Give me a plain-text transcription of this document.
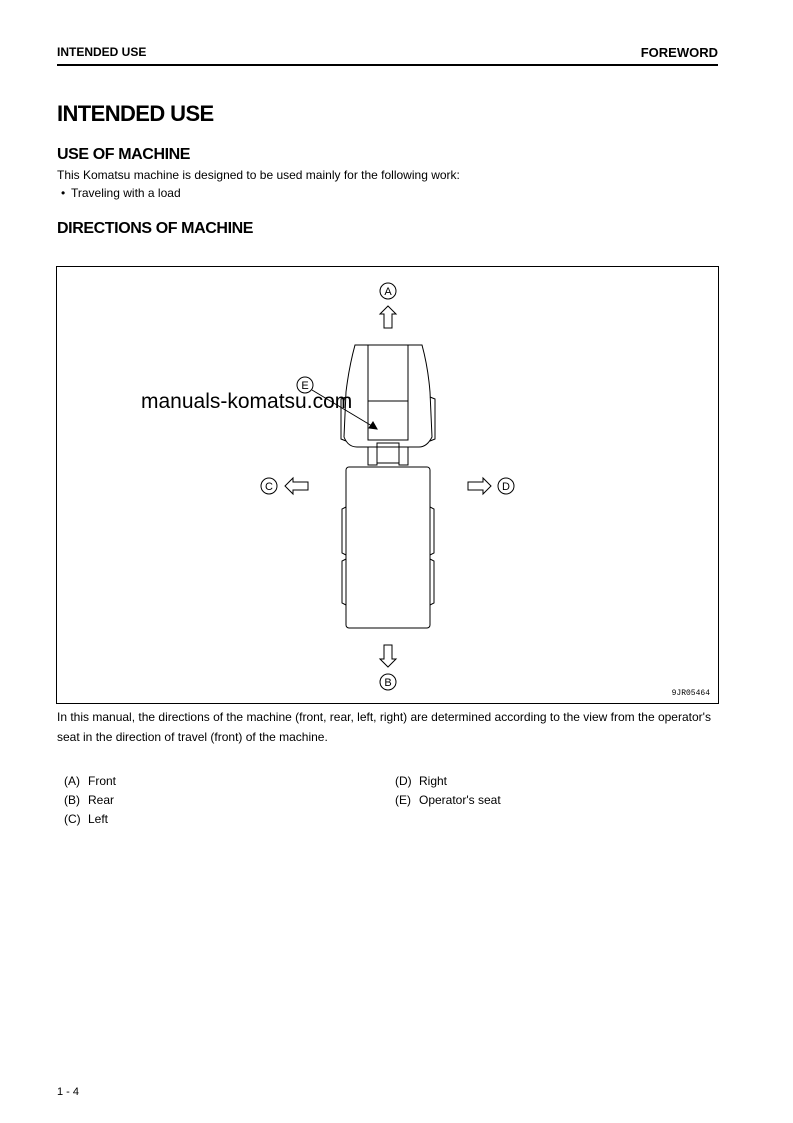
INTENDED USE	FOREWORD
INTENDED USE
USE OF MACHINE
This Komatsu machine is designed to be used mainly for the following work:
• Traveling with a load
DIRECTIONS OF MACHINE
A
C	D
B
E
manuals-komatsu.com
9JR05464
In this manual, the directions of the machine (front, rear, left, right) are determined according to the view from the operator's seat in the direction of travel (front) of the machine.
(A) Front
(B) Rear
(C) Left
(D) Right
(E) Operator's seat
1 - 4
